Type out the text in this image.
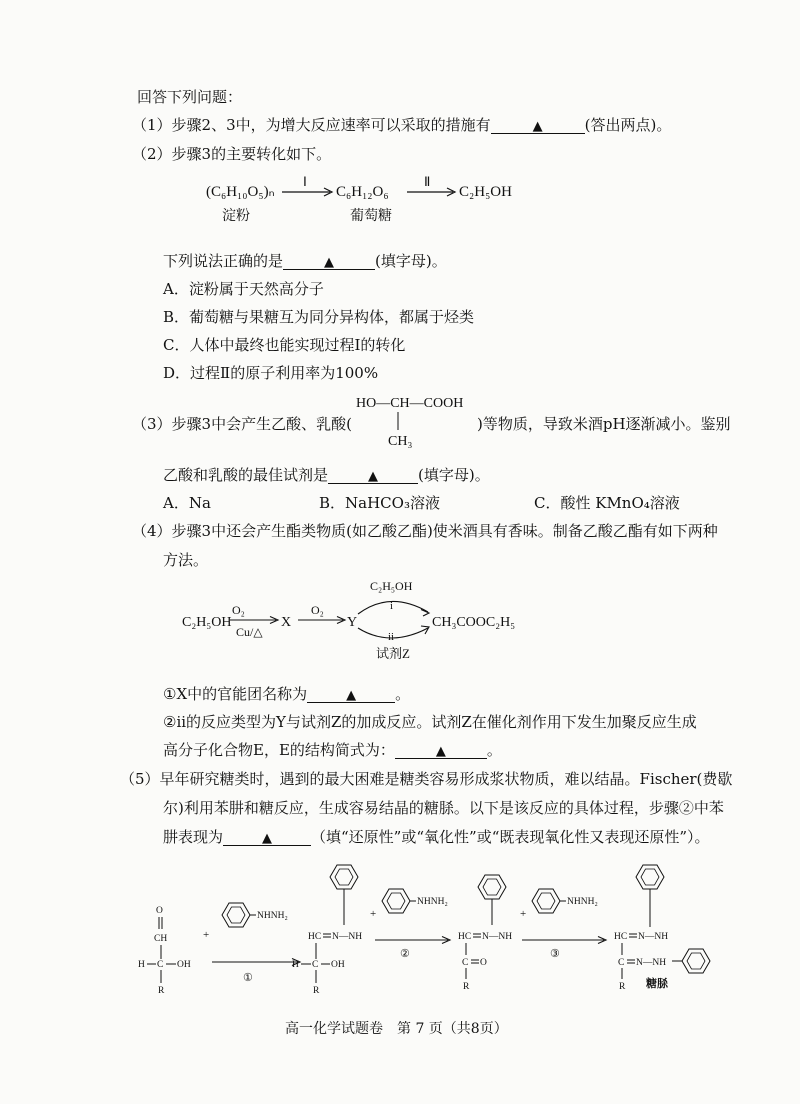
回答下列问题：
（1）步骤2、3中，为增大反应速率可以采取的措施有	▲	(答出两点)。
（2）步骤3的主要转化如下。
(C₆H₁₀O₅)ₙ
淀粉
Ⅰ
C₆H₁₂O₆
葡萄糖
Ⅱ
C₂H₅OH
下列说法正确的是	▲	(填字母)。
A．淀粉属于天然高分子
B．葡萄糖与果糖互为同分异构体，都属于烃类
C．人体中最终也能实现过程Ⅰ的转化
D．过程Ⅱ的原子利用率为100%
（3）步骤3中会产生乙酸、乳酸(
HO—CH—COOH
CH₃
)等物质，导致米酒pH逐渐减小。鉴别
乙酸和乳酸的最佳试剂是	▲	(填字母)。
A．Na	B．NaHCO₃溶液	C．酸性 KMnO₄溶液
（4）步骤3中还会产生酯类物质(如乙酸乙酯)使米酒具有香味。制备乙酸乙酯有如下两种
方法。
C₂H₅OH
O₂
Cu/△
X
O₂
Y
C₂H₅OH
i
ii
试剂Z
CH₃COOC₂H₅
①X中的官能团名称为	▲	。
②ii的反应类型为Y与试剂Z的加成反应。试剂Z在催化剂作用下发生加聚反应生成
高分子化合物E，E的结构简式为：	▲	。
（5）早年研究糖类时，遇到的最大困难是糖类容易形成浆状物质，难以结晶。Fischer(费歇
尔)利用苯肼和糖反应，生成容易结晶的糖脎。以下是该反应的具体过程，步骤②中苯
肼表现为	▲	（填“还原性”或“氧化性”或“既表现氧化性又表现还原性”）。
O
CH
H C OH
R
+
NHNH₂
①
HC N—NH
H C OH
R
+
NHNH₂
②
HC N—NH
C O
R
+
NHNH₂
③
HC N—NH
C N—NH
R 糖脎
高一化学试题卷　第 7 页（共8页）
